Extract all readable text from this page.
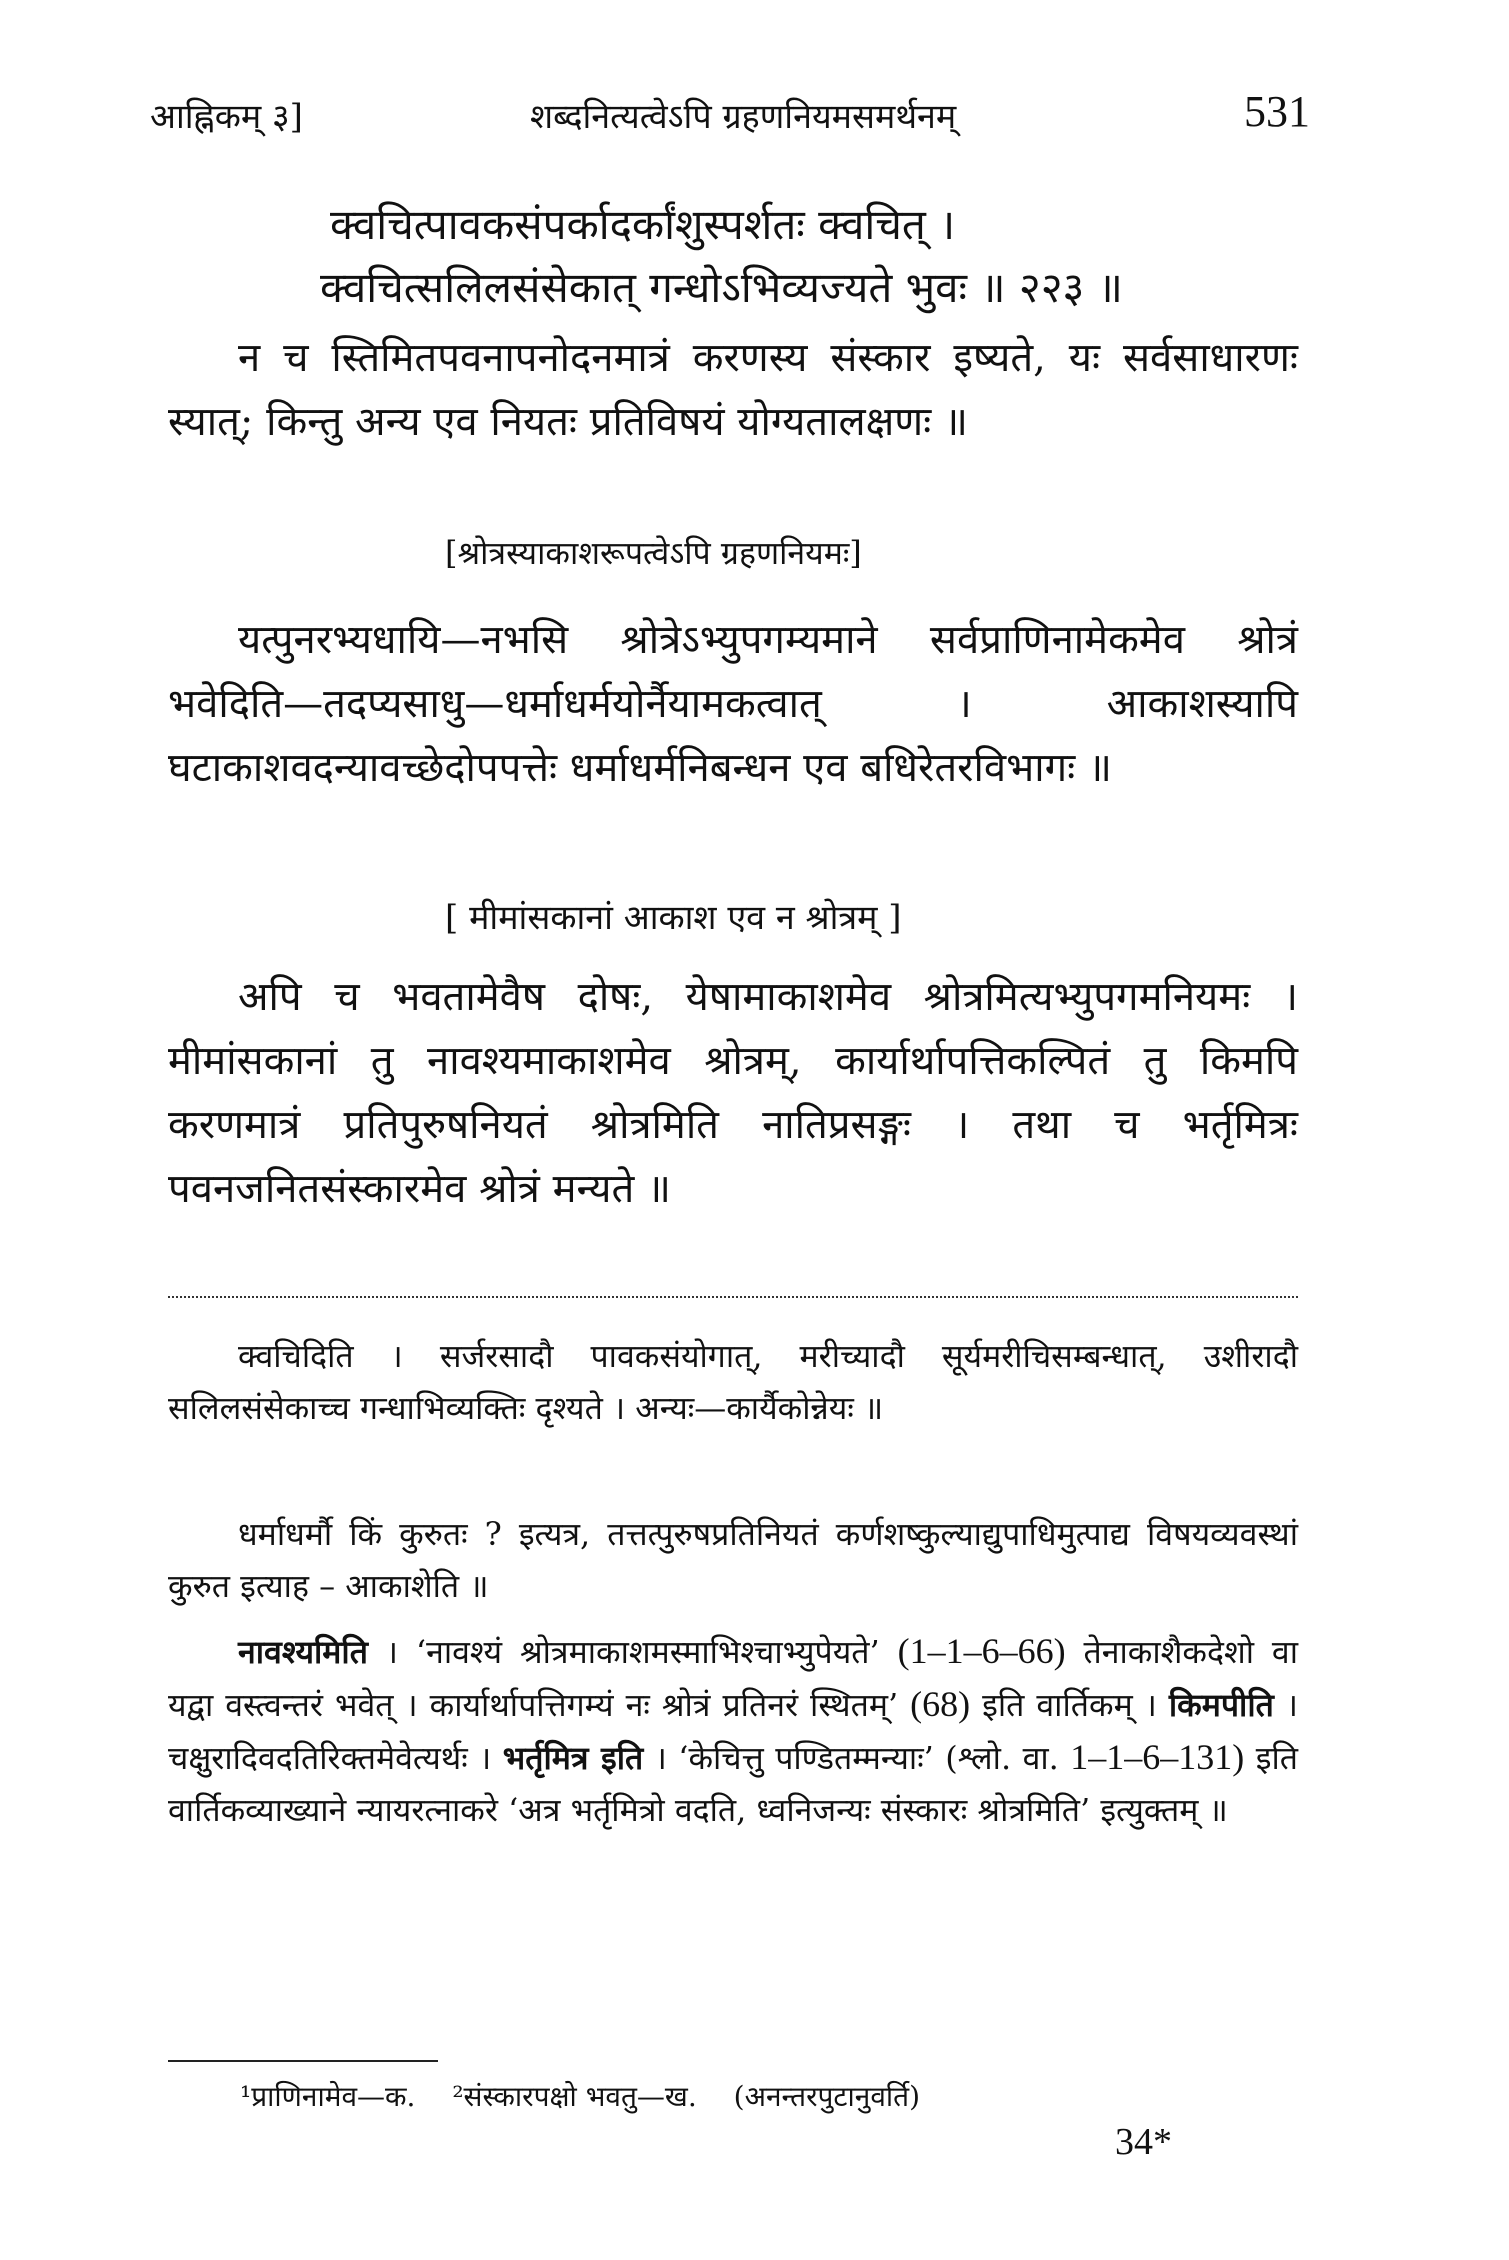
आह्निकम् ३]	शब्दनित्यत्वेऽपि ग्रहणनियमसमर्थनम्	531
क्वचित्पावकसंपर्कादर्कांशुस्पर्शतः क्वचित् ।
क्वचित्सलिलसंसेकात् गन्धोऽभिव्यज्यते भुवः ॥ २२३ ॥
न च स्तिमितपवनापनोदनमात्रं करणस्य संस्कार इष्यते, यः सर्वसाधारणः स्यात्; किन्तु अन्य एव नियतः प्रतिविषयं योग्यतालक्षणः ॥
[श्रोत्रस्याकाशरूपत्वेऽपि ग्रहणनियमः]
यत्पुनरभ्यधायि—नभसि श्रोत्रेऽभ्युपगम्यमाने सर्वप्राणिनामेकमेव श्रोत्रं भवेदिति—तदप्यसाधु—धर्माधर्मयोर्नैयामकत्वात् । आकाशस्यापि घटाकाशवदन्यावच्छेदोपपत्तेः धर्माधर्मनिबन्धन एव बधिरेतरविभागः ॥
[ मीमांसकानां आकाश एव न श्रोत्रम् ]
अपि च भवतामेवैष दोषः, येषामाकाशमेव श्रोत्रमित्यभ्युपगमनियमः । मीमांसकानां तु नावश्यमाकाशमेव श्रोत्रम्, कार्यार्थापत्तिकल्पितं तु किमपि करणमात्रं प्रतिपुरुषनियतं श्रोत्रमिति नातिप्रसङ्गः । तथा च भर्तृमित्रः पवनजनितसंस्कारमेव श्रोत्रं मन्यते ॥
क्वचिदिति । सर्जरसादौ पावकसंयोगात्, मरीच्यादौ सूर्यमरीचिसम्बन्धात्, उशीरादौ सलिलसंसेकाच्च गन्धाभिव्यक्तिः दृश्यते । अन्यः—कार्यैकोन्नेयः ॥
धर्माधर्मौ किं कुरुतः ? इत्यत्र, तत्तत्पुरुषप्रतिनियतं कर्णशष्कुल्याद्युपाधिमुत्पाद्य विषयव्यवस्थां कुरुत इत्याह – आकाशेति ॥
नावश्यमिति । ‘नावश्यं श्रोत्रमाकाशमस्माभिश्चाभ्युपेयते’ (1–1–6–66) तेनाकाशैकदेशो वा यद्वा वस्त्वन्तरं भवेत् । कार्यार्थापत्तिगम्यं नः श्रोत्रं प्रतिनरं स्थितम्’ (68) इति वार्तिकम् । किमपीति । चक्षुरादिवदतिरिक्तमेवेत्यर्थः । भर्तृमित्र इति । ‘केचित्तु पण्डितम्मन्याः’ (श्लो. वा. 1–1–6–131) इति वार्तिकव्याख्याने न्यायरत्नाकरे ‘अत्र भर्तृमित्रो वदति, ध्वनिजन्यः संस्कारः श्रोत्रमिति’ इत्युक्तम् ॥
¹प्राणिनामेव—क. ²संस्कारपक्षो भवतु—ख. (अनन्तरपुटानुवर्ति)
34*
